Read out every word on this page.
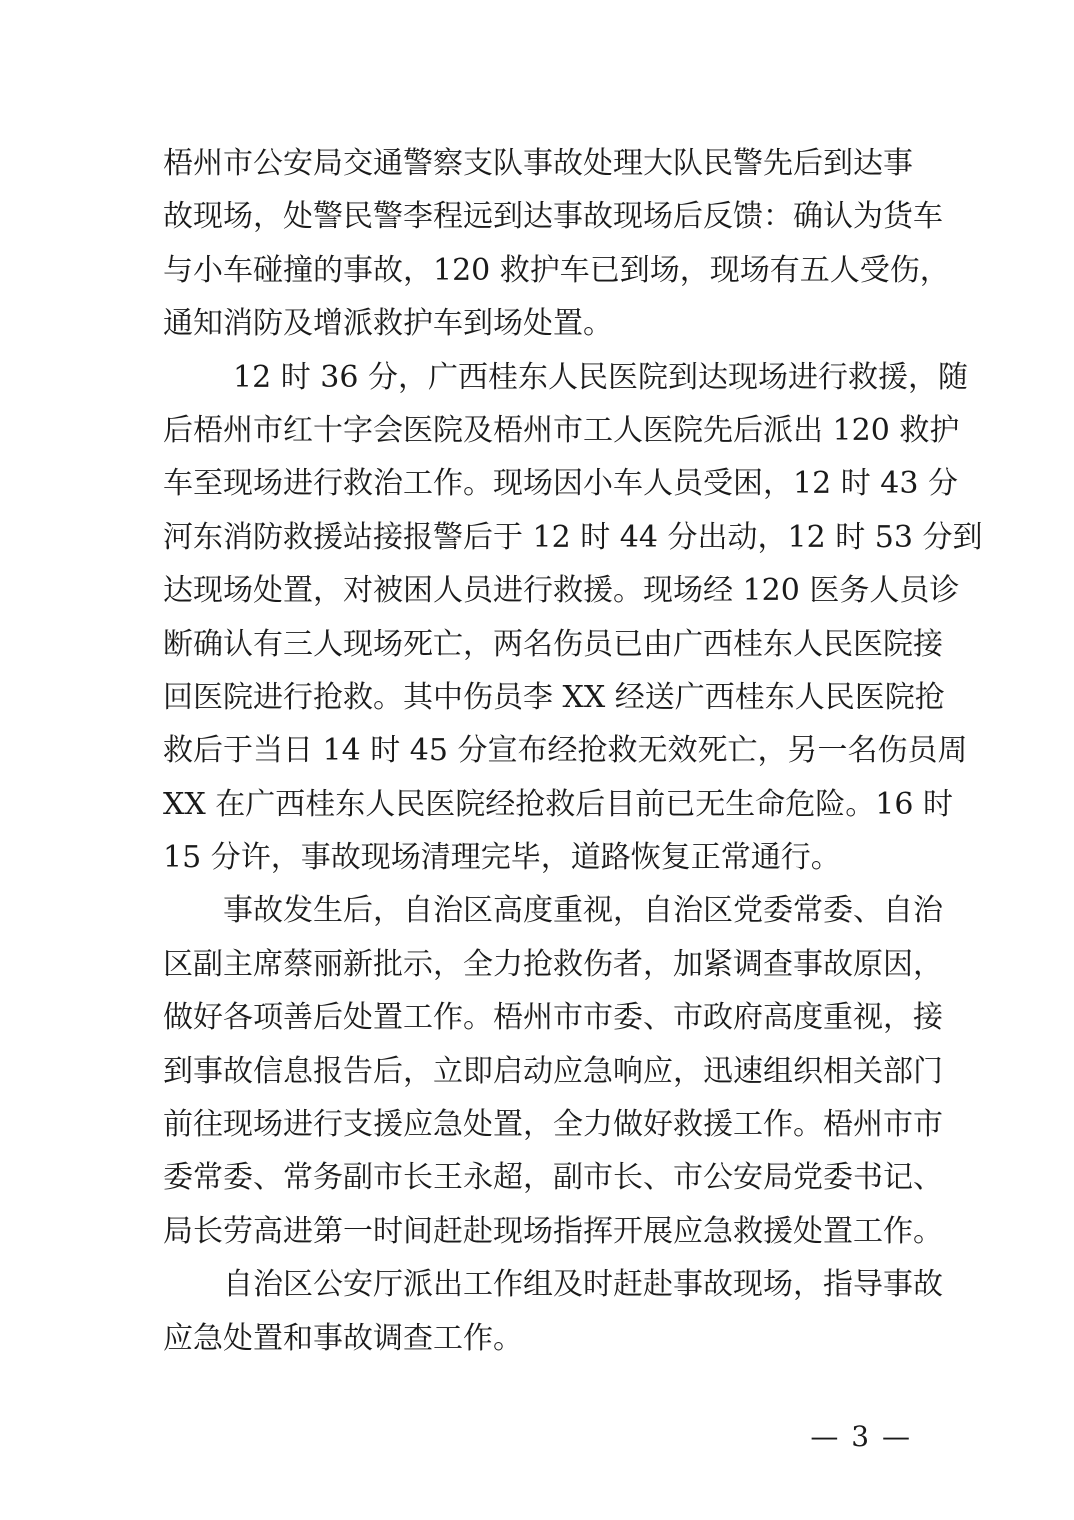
梧州市公安局交通警察支队事故处理大队民警先后到达事
故现场，处警民警李程远到达事故现场后反馈：确认为货车
与小车碰撞的事故，120 救护车已到场，现场有五人受伤，
通知消防及增派救护车到场处置。
12 时 36 分，广西桂东人民医院到达现场进行救援，随
后梧州市红十字会医院及梧州市工人医院先后派出 120 救护
车至现场进行救治工作。现场因小车人员受困，12 时 43 分
河东消防救援站接报警后于 12 时 44 分出动，12 时 53 分到
达现场处置，对被困人员进行救援。现场经 120 医务人员诊
断确认有三人现场死亡，两名伤员已由广西桂东人民医院接
回医院进行抢救。其中伤员李 XX 经送广西桂东人民医院抢
救后于当日 14 时 45 分宣布经抢救无效死亡，另一名伤员周
XX 在广西桂东人民医院经抢救后目前已无生命危险。16 时
15 分许，事故现场清理完毕，道路恢复正常通行。
事故发生后，自治区高度重视，自治区党委常委、自治
区副主席蔡丽新批示，全力抢救伤者，加紧调查事故原因，
做好各项善后处置工作。梧州市市委、市政府高度重视，接
到事故信息报告后，立即启动应急响应，迅速组织相关部门
前往现场进行支援应急处置，全力做好救援工作。梧州市市
委常委、常务副市长王永超，副市长、市公安局党委书记、
局长劳高进第一时间赶赴现场指挥开展应急救援处置工作。
自治区公安厅派出工作组及时赶赴事故现场，指导事故
应急处置和事故调查工作。
— 3 —
